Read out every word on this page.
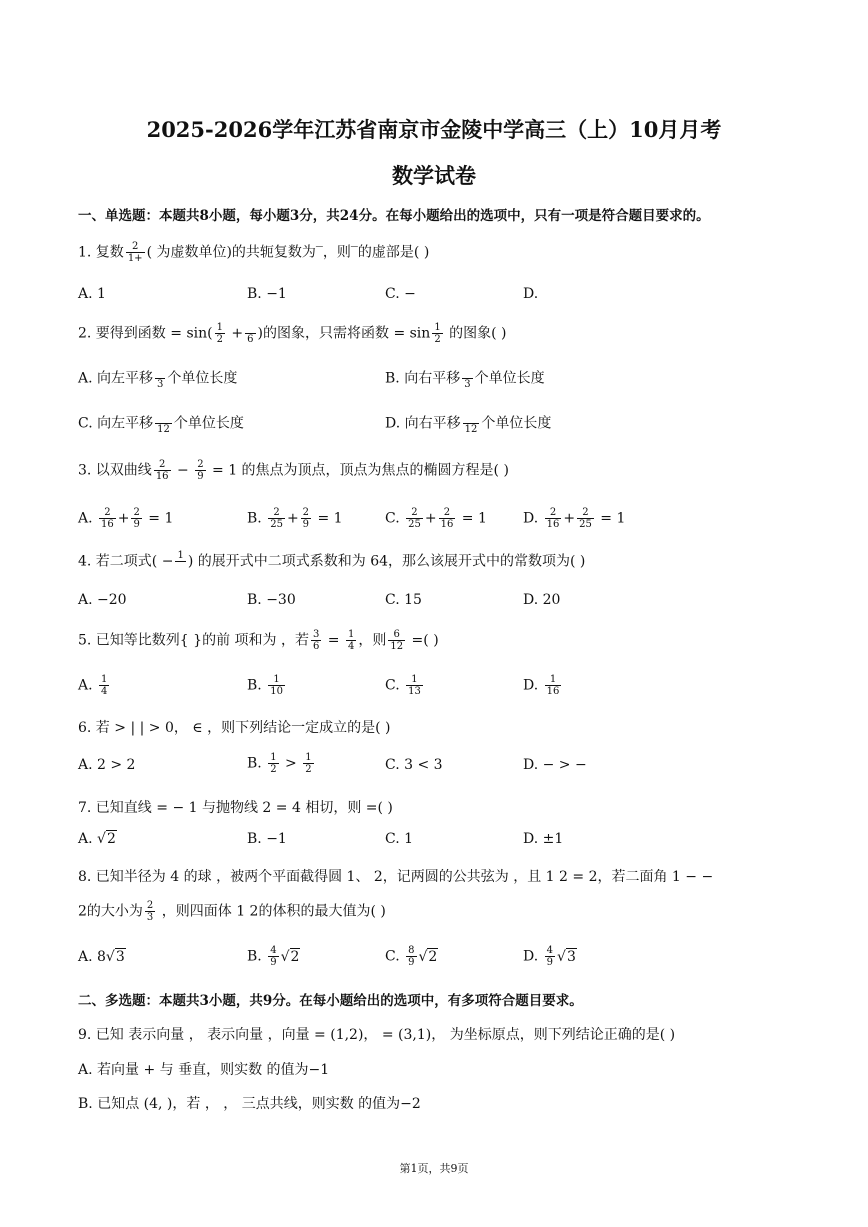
2025-2026学年江苏省南京市金陵中学高三（上）10月月考
数学试卷
一、单选题：本题共8小题，每小题3分，共24分。在每小题给出的选项中，只有一项是符合题目要求的。
1. 复数 $\frac{2}{1+}$ ( 为虚数单位)的共轭复数为‾，则‾的虚部是( )
A. 1	B. −1	C. −	D.
2. 要得到函数 = $\sin( \frac{1}{2}$ +
6 )的图象，只需将函数 = $\sin \frac{1}{2}$ 的图象( )
A. 向左平移
3 个单位长度	B. 向右平移
3 个单位长度
C. 向左平移
12 个单位长度	D. 向右平移
12 个单位长度
3. 以双曲线 $\frac{2}{16} - \frac{2}{9} = 1$ 的焦点为顶点，顶点为焦点的椭圆方程是( )
A. $\frac{2}{16} + \frac{2}{9} = 1$	B. $\frac{2}{25} + \frac{2}{9} = 1$	C. $\frac{2}{25} + \frac{2}{16} = 1$	D. $\frac{2}{16} + \frac{2}{25} = 1$
4. 若二项式( − 1
) 的展开式中二项式系数和为 64，那么该展开式中的常数项为( )
A. −20	B. −30	C. 15	D. 20
5. 已知等比数列{ }的前 项和为 ，若 $\frac{3}{6} = \frac{1}{4}$ ，则 $\frac{6}{12}$ =( )
A. $\frac{1}{4}$	B. $\frac{1}{10}$	C. $\frac{1}{13}$	D. $\frac{1}{16}$
6. 若 > | | > 0， ∈ ，则下列结论一定成立的是( )
A. 2 > 2	B. $\frac{1}{2} > \frac{1}{2}$	C. 3 < 3	D. − > −
7. 已知直线 = − 1 与抛物线 2 = 4 相切，则 =( )
A. √2	B. −1	C. 1	D. ±1
8. 已知半径为 4 的球 ，被两个平面截得圆 1、 2，记两圆的公共弦为 ，且 1 2 = 2，若二面角 1 − −
2的大小为 $\frac{2}{3}$ ，则四面体 1 2的体积的最大值为( )
A. 8√3	B. $\frac{4}{9} √2$	C. $\frac{8}{9} √2$	D. $\frac{4}{9} √3$
二、多选题：本题共3小题，共9分。在每小题给出的选项中，有多项符合题目要求。
9. 已知 表示向量 ， 表示向量 ，向量 = (1,2)， = (3,1)， 为坐标原点，则下列结论正确的是( )
A. 若向量 + 与 垂直，则实数 的值为−1
B. 已知点 (4, )，若 ， ， 三点共线，则实数 的值为−2
第1页，共9页
